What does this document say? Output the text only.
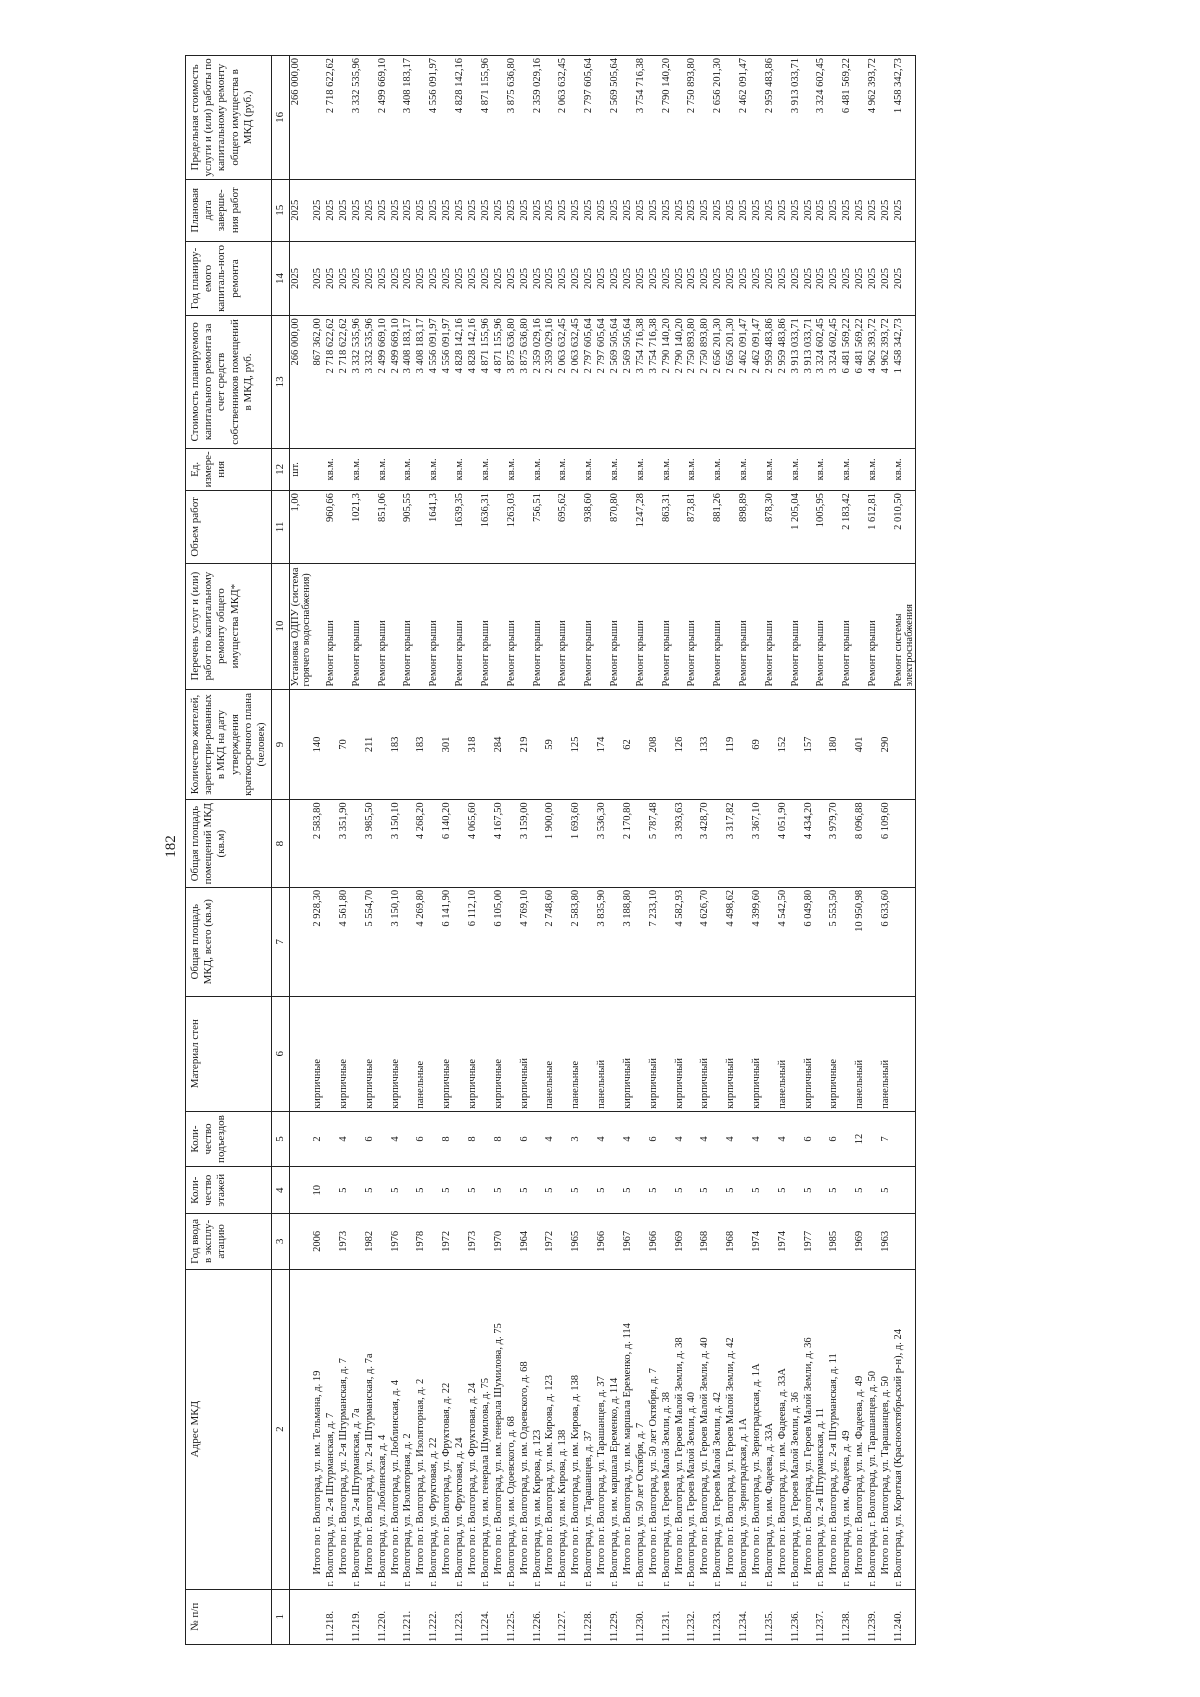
182
№ п/п	Адрес МКД	Год ввода в эксплу-атацию	Коли-чество этажей	Коли-чество подъездов	Материал стен	Общая площадь МКД, всего (кв.м)	Общая площадь помещений МКД (кв.м)	Количество жителей, зарегистри-рованных в МКД на дату утверждения краткосрочного плана (человек)	Перечень услуг и (или) работ по капитальному ремонту общего имущества МКД*	Объем работ	Ед. измере-ния	Стоимость планируемого капитального ремонта за счет средств собственников помещений в МКД, руб.	Год планиру-емого капиталь-ного ремонта	Плановая дата заверше-ния работ	Предельная стоимость услуги и (или) работы по капитальному ремонту общего имущества в МКД (руб.)
1	2	3	4	5	6	7	8	9	10	11	12	13	14	15	16
									Установка ОДПУ (система горячего водоснабжения)	1,00	шт.	266 000,00	2025	2025	266 000,00
	Итого по г. Волгоград, ул. им. Тельмана, д. 19	2006	10	2	кирпичные	2 928,30	2 583,80	140				867 362,00	2025	2025	
11.218.	г. Волгоград, ул. 2-я Штурманская, д. 7								Ремонт крыши	960,66	кв.м.	2 718 622,62	2025	2025	2 718 622,62
	Итого по г. Волгоград, ул. 2-я Штурманская, д. 7	1973	5	4	кирпичные	4 561,80	3 351,90	70				2 718 622,62	2025	2025	
11.219.	г. Волгоград, ул. 2-я Штурманская, д. 7а								Ремонт крыши	1021,3	кв.м.	3 332 535,96	2025	2025	3 332 535,96
	Итого по г. Волгоград, ул. 2-я Штурманская, д. 7а	1982	5	6	кирпичные	5 554,70	3 985,50	211				3 332 535,96	2025	2025	
11.220.	г. Волгоград, ул. Люблинская, д. 4								Ремонт крыши	851,06	кв.м.	2 499 669,10	2025	2025	2 499 669,10
	Итого по г. Волгоград, ул. Люблинская, д. 4	1976	5	4	кирпичные	3 150,10	3 150,10	183				2 499 669,10	2025	2025	
11.221.	г. Волгоград, ул. Изоляторная, д. 2								Ремонт крыши	905,55	кв.м.	3 408 183,17	2025	2025	3 408 183,17
	Итого по г. Волгоград, ул. Изоляторная, д. 2	1978	5	6	панельные	4 269,80	4 268,20	183				3 408 183,17	2025	2025	
11.222.	г. Волгоград, ул. Фруктовая, д. 22								Ремонт крыши	1641,3	кв.м.	4 556 091,97	2025	2025	4 556 091,97
	Итого по г. Волгоград, ул. Фруктовая, д. 22	1972	5	8	кирпичные	6 141,90	6 140,20	301				4 556 091,97	2025	2025	
11.223.	г. Волгоград, ул. Фруктовая, д. 24								Ремонт крыши	1639,35	кв.м.	4 828 142,16	2025	2025	4 828 142,16
	Итого по г. Волгоград, ул. Фруктовая, д. 24	1973	5	8	кирпичные	6 112,10	4 065,60	318				4 828 142,16	2025	2025	
11.224.	г. Волгоград, ул. им. генерала Шумилова, д. 75								Ремонт крыши	1636,31	кв.м.	4 871 155,96	2025	2025	4 871 155,96
	Итого по г. Волгоград, ул. им. генерала Шумилова, д. 75	1970	5	8	кирпичные	6 105,00	4 167,50	284				4 871 155,96	2025	2025	
11.225.	г. Волгоград, ул. им. Одоевского, д. 68								Ремонт крыши	1263,03	кв.м.	3 875 636,80	2025	2025	3 875 636,80
	Итого по г. Волгоград, ул. им. Одоевского, д. 68	1964	5	6	кирпичный	4 769,10	3 159,00	219				3 875 636,80	2025	2025	
11.226.	г. Волгоград, ул. им. Кирова, д. 123								Ремонт крыши	756,51	кв.м.	2 359 029,16	2025	2025	2 359 029,16
	Итого по г. Волгоград, ул. им. Кирова, д. 123	1972	5	4	панельные	2 748,60	1 900,00	59				2 359 029,16	2025	2025	
11.227.	г. Волгоград, ул. им. Кирова, д. 138								Ремонт крыши	695,62	кв.м.	2 063 632,45	2025	2025	2 063 632,45
	Итого по г. Волгоград, ул. им. Кирова, д. 138	1965	5	3	панельные	2 583,80	1 693,60	125				2 063 632,45	2025	2025	
11.228.	г. Волгоград, ул. Тарашанцев, д. 37								Ремонт крыши	938,60	кв.м.	2 797 605,64	2025	2025	2 797 605,64
	Итого по г. Волгоград, ул. Тарашанцев, д. 37	1966	5	4	панельный	3 835,90	3 536,30	174				2 797 605,64	2025	2025	
11.229.	г. Волгоград, ул. им. маршала Еременко, д. 114								Ремонт крыши	870,80	кв.м.	2 569 505,64	2025	2025	2 569 505,64
	Итого по г. Волгоград, ул. им. маршала Еременко, д. 114	1967	5	4	кирпичный	3 188,80	2 170,80	62				2 569 505,64	2025	2025	
11.230.	г. Волгоград, ул. 50 лет Октября, д. 7								Ремонт крыши	1247,28	кв.м.	3 754 716,38	2025	2025	3 754 716,38
	Итого по г. Волгоград, ул. 50 лет Октября, д. 7	1966	5	6	кирпичный	7 233,10	5 787,48	208				3 754 716,38	2025	2025	
11.231.	г. Волгоград, ул. Героев Малой Земли, д. 38								Ремонт крыши	863,31	кв.м.	2 790 140,20	2025	2025	2 790 140,20
	Итого по г. Волгоград, ул. Героев Малой Земли, д. 38	1969	5	4	кирпичный	4 582,93	3 393,63	126				2 790 140,20	2025	2025	
11.232.	г. Волгоград, ул. Героев Малой Земли, д. 40								Ремонт крыши	873,81	кв.м.	2 750 893,80	2025	2025	2 750 893,80
	Итого по г. Волгоград, ул. Героев Малой Земли, д. 40	1968	5	4	кирпичный	4 626,70	3 428,70	133				2 750 893,80	2025	2025	
11.233.	г. Волгоград, ул. Героев Малой Земли, д. 42								Ремонт крыши	881,26	кв.м.	2 656 201,30	2025	2025	2 656 201,30
	Итого по г. Волгоград, ул. Героев Малой Земли, д. 42	1968	5	4	кирпичный	4 498,62	3 317,82	119				2 656 201,30	2025	2025	
11.234.	г. Волгоград, ул. Зерноградская, д. 1А								Ремонт крыши	898,89	кв.м.	2 462 091,47	2025	2025	2 462 091,47
	Итого по г. Волгоград, ул. Зерноградская, д. 1А	1974	5	4	кирпичный	4 399,60	3 367,10	69				2 462 091,47	2025	2025	
11.235.	г. Волгоград, ул. им. Фадеева, д. 33А								Ремонт крыши	878,30	кв.м.	2 959 483,86	2025	2025	2 959 483,86
	Итого по г. Волгоград, ул. им. Фадеева, д. 33А	1974	5	4	панельный	4 542,50	4 051,90	152				2 959 483,86	2025	2025	
11.236.	г. Волгоград, ул. Героев Малой Земли, д. 36								Ремонт крыши	1 205,04	кв.м.	3 913 033,71	2025	2025	3 913 033,71
	Итого по г. Волгоград, ул. Героев Малой Земли, д. 36	1977	5	6	кирпичный	6 049,80	4 434,20	157				3 913 033,71	2025	2025	
11.237.	г. Волгоград, ул. 2-я Штурманская, д. 11								Ремонт крыши	1005,95	кв.м.	3 324 602,45	2025	2025	3 324 602,45
	Итого по г. Волгоград, ул. 2-я Штурманская, д. 11	1985	5	6	кирпичные	5 553,50	3 979,70	180				3 324 602,45	2025	2025	
11.238.	г. Волгоград, ул. им. Фадеева, д. 49								Ремонт крыши	2 183,42	кв.м.	6 481 569,22	2025	2025	6 481 569,22
	Итого по г. Волгоград, ул. им. Фадеева, д. 49	1969	5	12	панельный	10 950,98	8 096,88	401				6 481 569,22	2025	2025	
11.239.	г. Волгоград, г. Волгоград, ул. Тарашанцев, д. 50								Ремонт крыши	1 612,81	кв.м.	4 962 393,72	2025	2025	4 962 393,72
	Итого по г. Волгоград, ул. Тарашанцев, д. 50	1963	5	7	панельный	6 633,60	6 109,60	290				4 962 393,72	2025	2025	
11.240.	г. Волгоград, ул. Короткая (Краснооктябрьский р-н), д. 24								Ремонт системы электроснабжения	2 010,50	кв.м.	1 458 342,73	2025	2025	1 458 342,73
